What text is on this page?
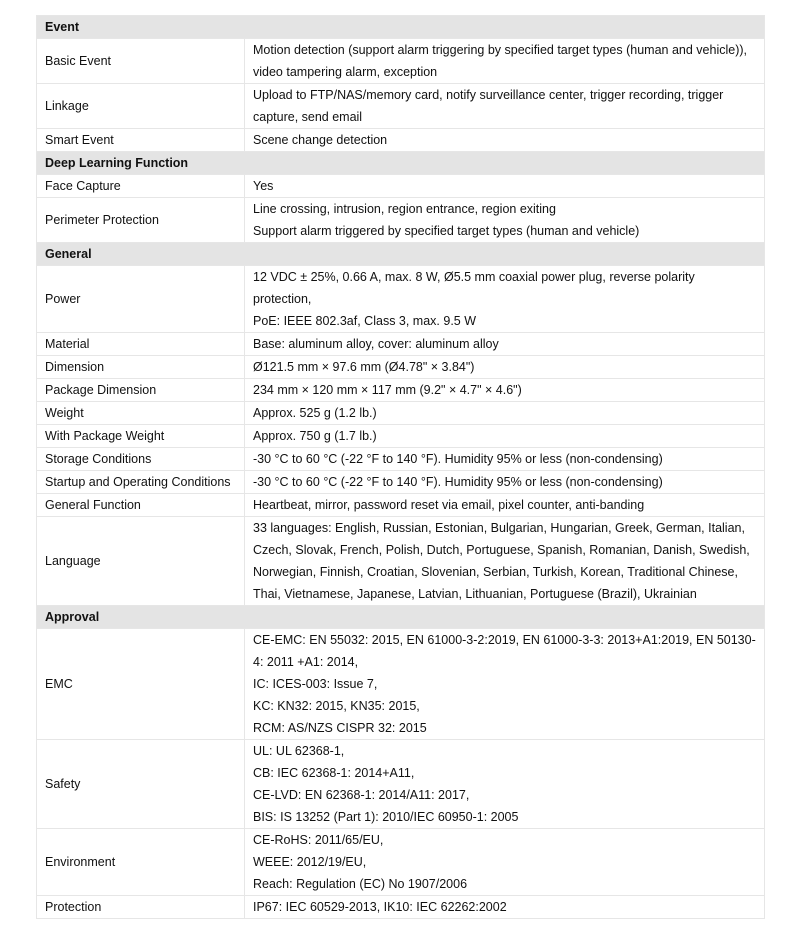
Event	
Basic Event	Motion detection (support alarm triggering by specified target types (human and vehicle)), video tampering alarm, exception

Linkage	Upload to FTP/NAS/memory card, notify surveillance center, trigger recording, trigger capture, send email

Smart Event	Scene change detection

Deep Learning Function	
Face Capture	Yes

Perimeter Protection	Line crossing, intrusion, region entrance, region exiting
Support alarm triggered by specified target types (human and vehicle)

General	
Power	12 VDC ± 25%, 0.66 A, max. 8 W, Ø5.5 mm coaxial power plug, reverse polarity protection,
PoE: IEEE 802.3af, Class 3, max. 9.5 W

Material	Base: aluminum alloy, cover: aluminum alloy

Dimension	Ø121.5 mm × 97.6 mm (Ø4.78" × 3.84")

Package Dimension	234 mm × 120 mm × 117 mm (9.2" × 4.7" × 4.6")

Weight	Approx. 525 g (1.2 lb.)

With Package Weight	Approx. 750 g (1.7 lb.)

Storage Conditions	-30 °C to 60 °C (-22 °F to 140 °F). Humidity 95% or less (non-condensing)

Startup and Operating Conditions	-30 °C to 60 °C (-22 °F to 140 °F). Humidity 95% or less (non-condensing)

General Function	Heartbeat, mirror, password reset via email, pixel counter, anti-banding

Language	33 languages: English, Russian, Estonian, Bulgarian, Hungarian, Greek, German, Italian, Czech, Slovak, French, Polish, Dutch, Portuguese, Spanish, Romanian, Danish, Swedish, Norwegian, Finnish, Croatian, Slovenian, Serbian, Turkish, Korean, Traditional Chinese, Thai, Vietnamese, Japanese, Latvian, Lithuanian, Portuguese (Brazil), Ukrainian

Approval	
EMC	CE-EMC: EN 55032: 2015, EN 61000-3-2:2019, EN 61000-3-3: 2013+A1:2019, EN 50130-4: 2011 +A1: 2014,
IC: ICES-003: Issue 7,
KC: KN32: 2015, KN35: 2015,
RCM: AS/NZS CISPR 32: 2015

Safety	UL: UL 62368-1,
CB: IEC 62368-1: 2014+A11,
CE-LVD: EN 62368-1: 2014/A11: 2017,
BIS: IS 13252 (Part 1): 2010/IEC 60950-1: 2005

Environment	CE-RoHS: 2011/65/EU,
WEEE: 2012/19/EU,
Reach: Regulation (EC) No 1907/2006

Protection	IP67: IEC 60529-2013, IK10: IEC 62262:2002
